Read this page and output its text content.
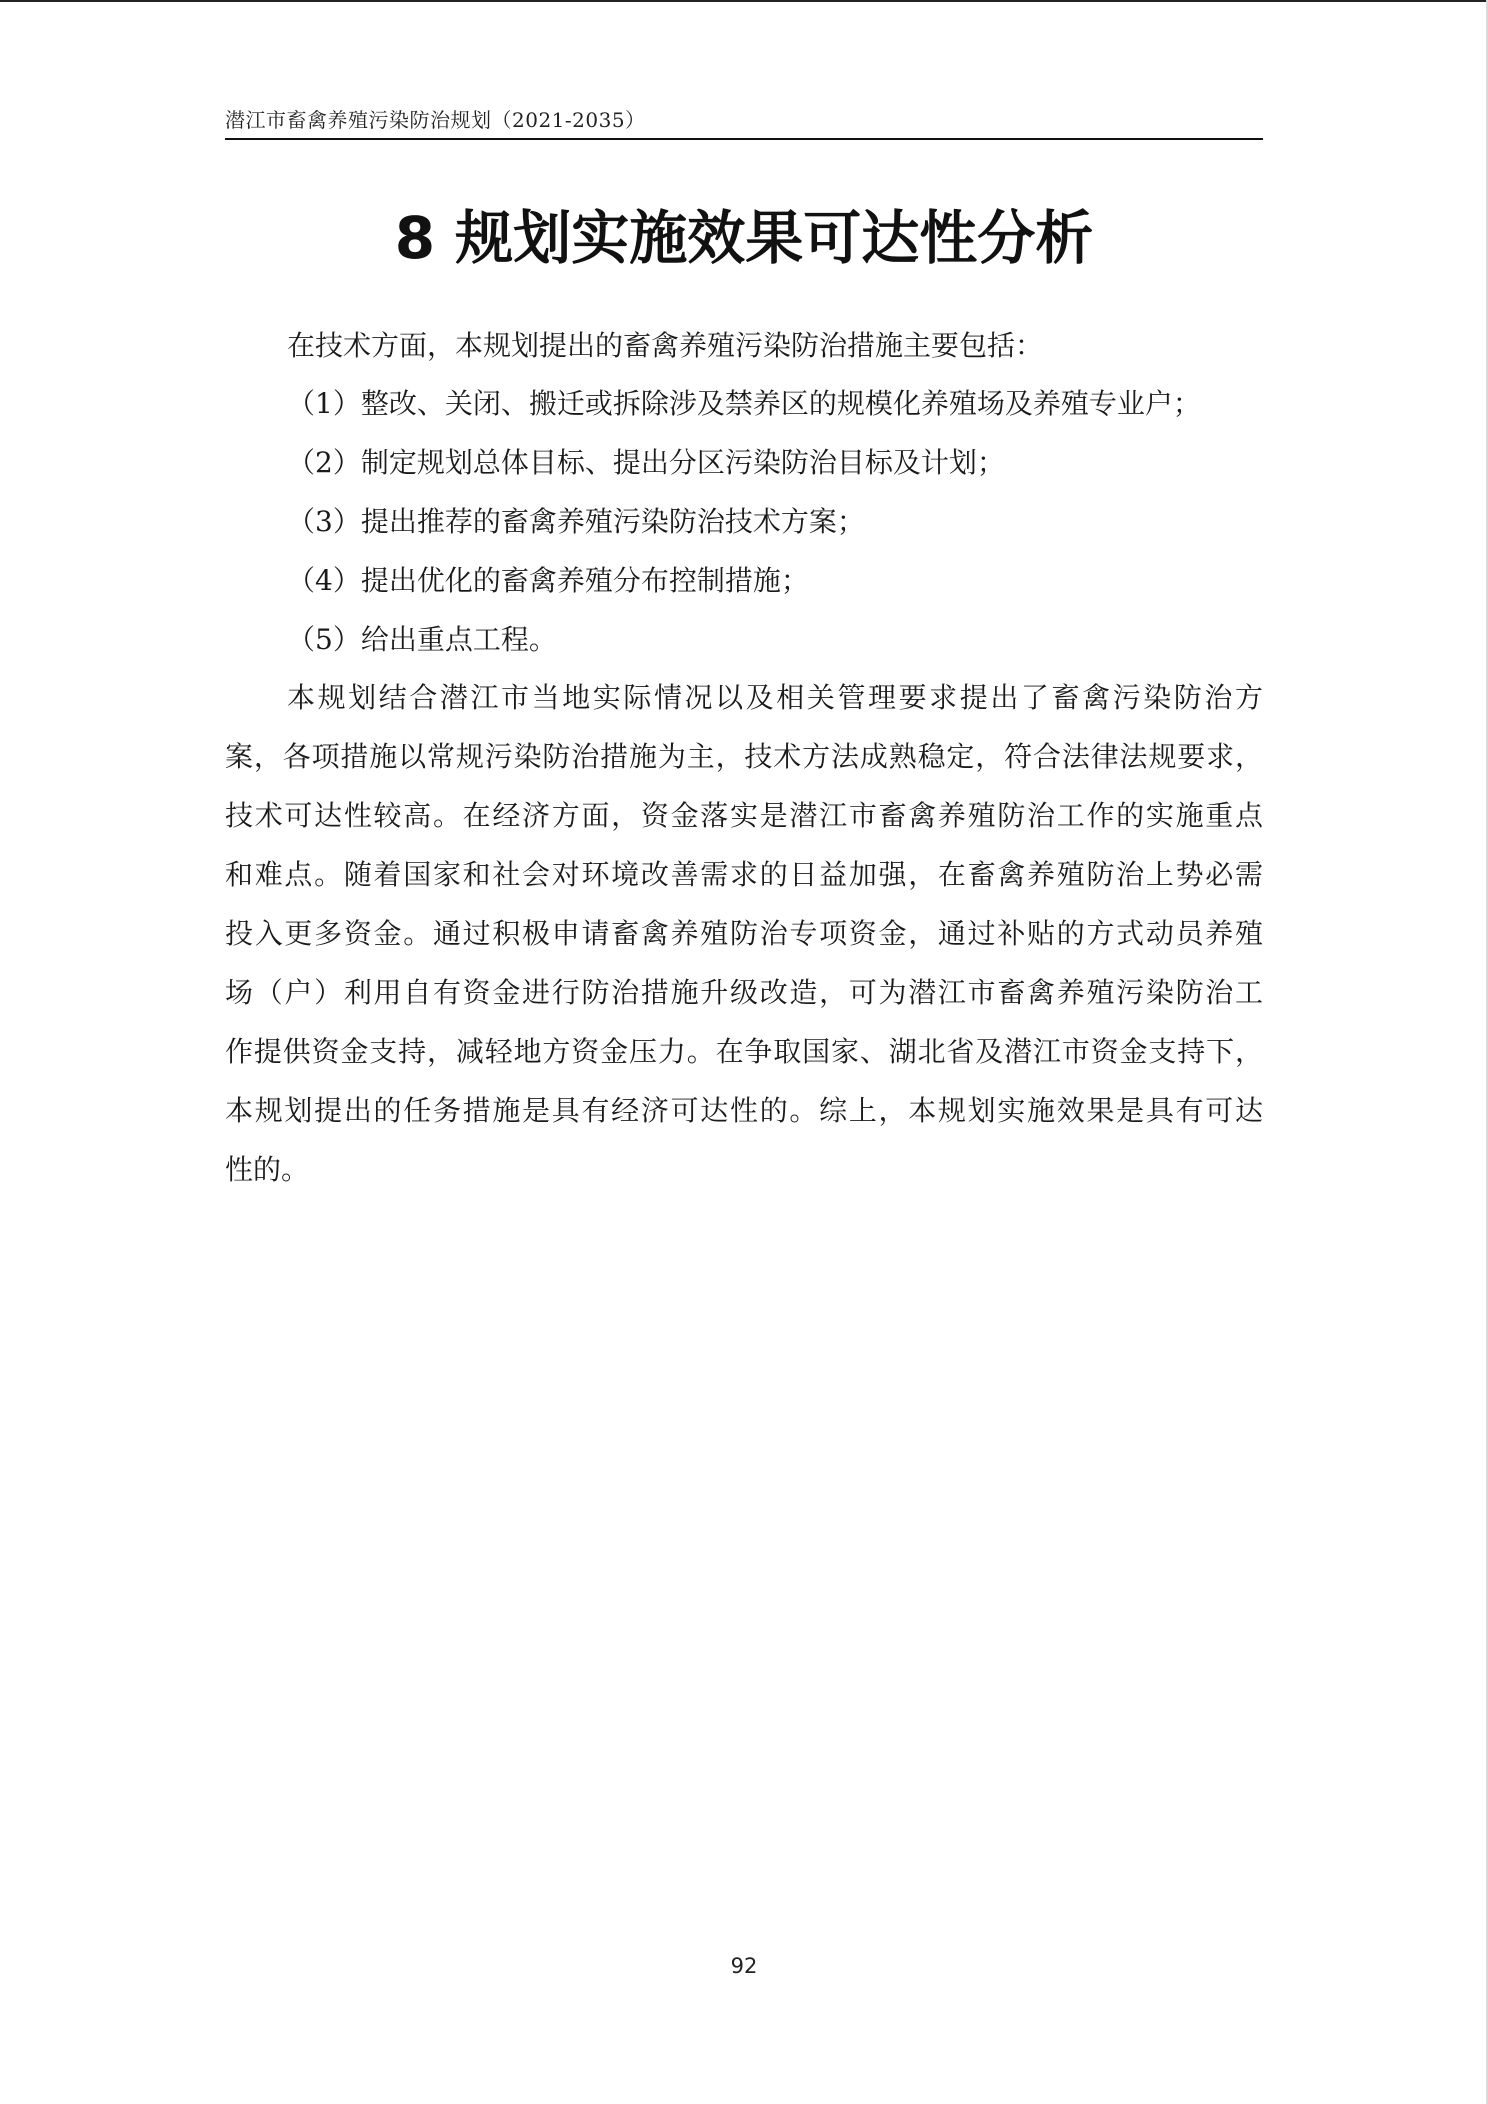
潜江市畜禽养殖污染防治规划（2021-2035）
8 规划实施效果可达性分析

在技术方面，本规划提出的畜禽养殖污染防治措施主要包括：

（1）整改、关闭、搬迁或拆除涉及禁养区的规模化养殖场及养殖专业户；
（2）制定规划总体目标、提出分区污染防治目标及计划；
（3）提出推荐的畜禽养殖污染防治技术方案；
（4）提出优化的畜禽养殖分布控制措施；
（5）给出重点工程。

本规划结合潜江市当地实际情况以及相关管理要求提出了畜禽污染防治方
案，各项措施以常规污染防治措施为主，技术方法成熟稳定，符合法律法规要求，
技术可达性较高。在经济方面，资金落实是潜江市畜禽养殖防治工作的实施重点
和难点。随着国家和社会对环境改善需求的日益加强，在畜禽养殖防治上势必需
投入更多资金。通过积极申请畜禽养殖防治专项资金，通过补贴的方式动员养殖
场（户）利用自有资金进行防治措施升级改造，可为潜江市畜禽养殖污染防治工
作提供资金支持，减轻地方资金压力。在争取国家、湖北省及潜江市资金支持下，
本规划提出的任务措施是具有经济可达性的。综上，本规划实施效果是具有可达
性的。

92
